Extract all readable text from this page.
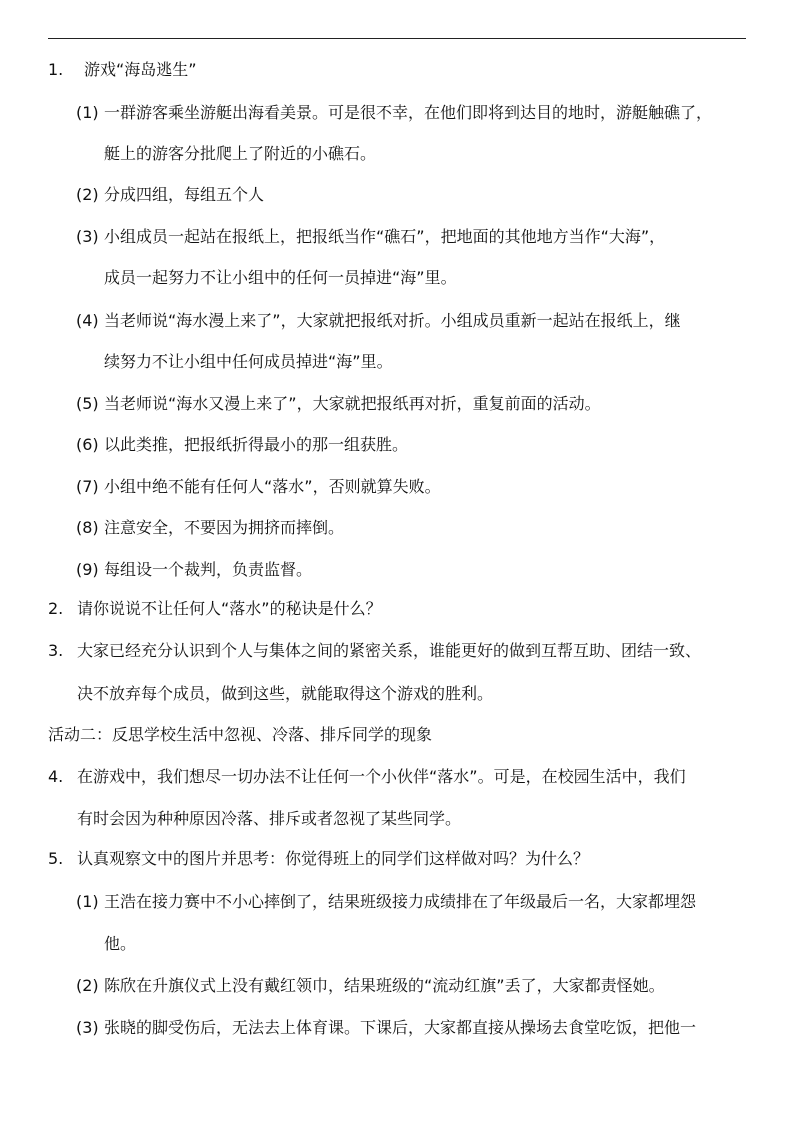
1. 游戏“海岛逃生”
(1) 一群游客乘坐游艇出海看美景。可是很不幸，在他们即将到达目的地时，游艇触礁了，
艇上的游客分批爬上了附近的小礁石。
(2) 分成四组，每组五个人
(3) 小组成员一起站在报纸上，把报纸当作“礁石”，把地面的其他地方当作“大海”，
成员一起努力不让小组中的任何一员掉进“海”里。
(4) 当老师说“海水漫上来了”，大家就把报纸对折。小组成员重新一起站在报纸上，继
续努力不让小组中任何成员掉进“海”里。
(5) 当老师说“海水又漫上来了”，大家就把报纸再对折，重复前面的活动。
(6) 以此类推，把报纸折得最小的那一组获胜。
(7) 小组中绝不能有任何人“落水”，否则就算失败。
(8) 注意安全，不要因为拥挤而摔倒。
(9) 每组设一个裁判，负责监督。
2. 请你说说不让任何人“落水”的秘诀是什么？
3. 大家已经充分认识到个人与集体之间的紧密关系，谁能更好的做到互帮互助、团结一致、
决不放弃每个成员，做到这些，就能取得这个游戏的胜利。
活动二：反思学校生活中忽视、冷落、排斥同学的现象
4. 在游戏中，我们想尽一切办法不让任何一个小伙伴“落水”。可是，在校园生活中，我们
有时会因为种种原因冷落、排斥或者忽视了某些同学。
5. 认真观察文中的图片并思考：你觉得班上的同学们这样做对吗？为什么？
(1) 王浩在接力赛中不小心摔倒了，结果班级接力成绩排在了年级最后一名，大家都埋怨
他。
(2) 陈欣在升旗仪式上没有戴红领巾，结果班级的“流动红旗”丢了，大家都责怪她。
(3) 张晓的脚受伤后，无法去上体育课。下课后，大家都直接从操场去食堂吃饭，把他一
